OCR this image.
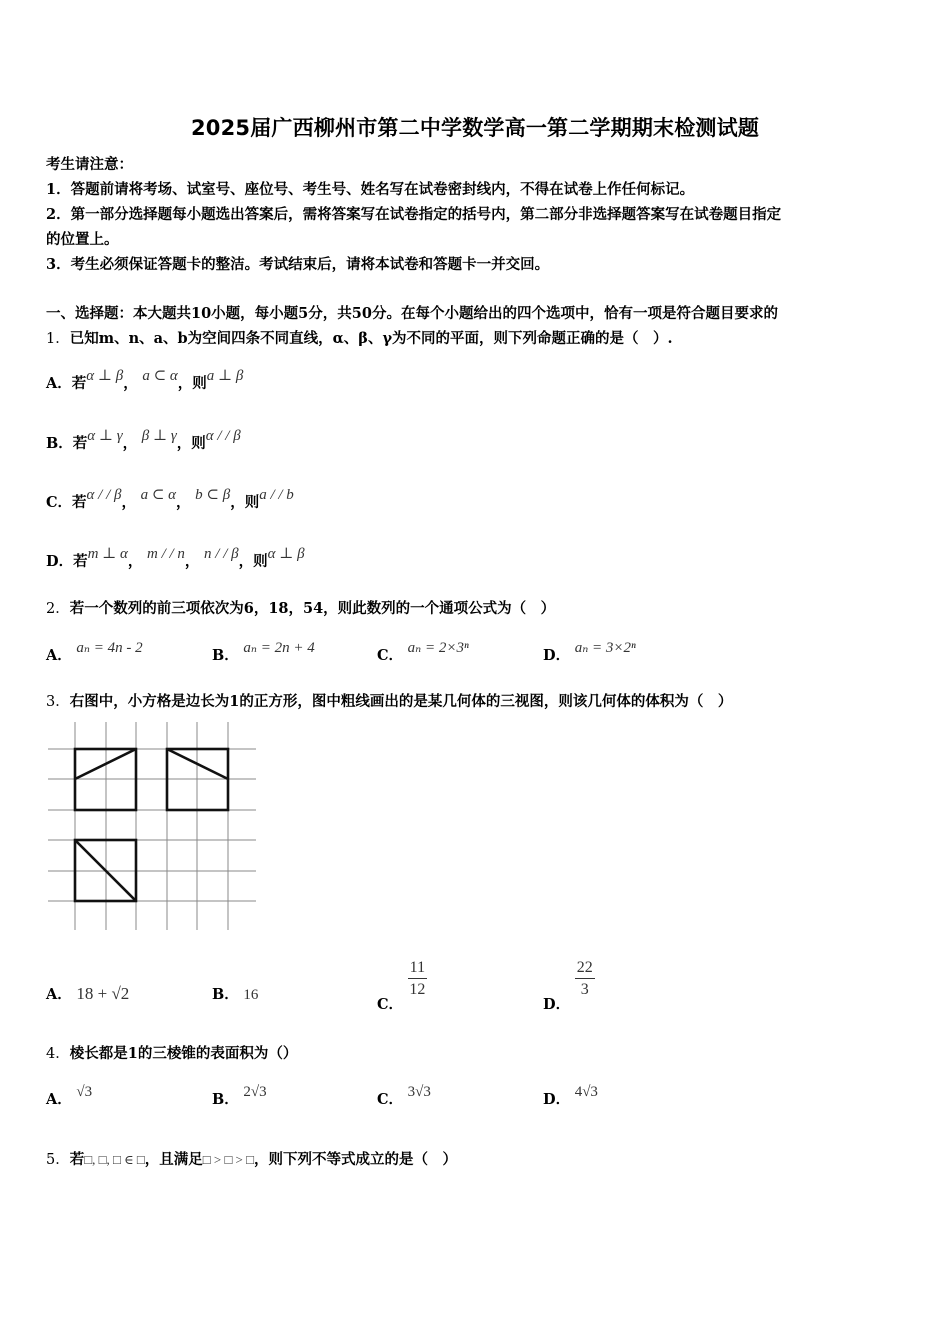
2025届广西柳州市第二中学数学高一第二学期期末检测试题
考生请注意：
1．答题前请将考场、试室号、座位号、考生号、姓名写在试卷密封线内，不得在试卷上作任何标记。
2．第一部分选择题每小题选出答案后，需将答案写在试卷指定的括号内，第二部分非选择题答案写在试卷题目指定
的位置上。
3．考生必须保证答题卡的整洁。考试结束后，请将本试卷和答题卡一并交回。
一、选择题：本大题共10小题，每小题5分，共50分。在每个小题给出的四个选项中，恰有一项是符合题目要求的
1．已知m、n、a、b为空间四条不同直线，α、β、γ为不同的平面，则下列命题正确的是（　）.
A．若α ⊥ β， a ⊂ α，则a ⊥ β
B．若α ⊥ γ， β ⊥ γ，则α / / β
C．若α / / β， a ⊂ α， b ⊂ β，则a / / b
D．若m ⊥ α， m / / n， n / / β，则α ⊥ β
2．若一个数列的前三项依次为6，18，54，则此数列的一个通项公式为（　）
A． aₙ = 4n - 2	B． aₙ = 2n + 4	C． aₙ = 2×3ⁿ	D． aₙ = 3×2ⁿ
3．右图中，小方格是边长为1的正方形，图中粗线画出的是某几何体的三视图，则该几何体的体积为（　）
A． 18 + √2	B． 16
C．
$\frac{11}{12}$
D．
$\frac{22}{3}$
4．棱长都是1的三棱锥的表面积为（）
A． √3	B． 2√3	C． 3√3	D． 4√3
5．若□, □, □ ∈ □，且满足□ > □ > □，则下列不等式成立的是（　）
